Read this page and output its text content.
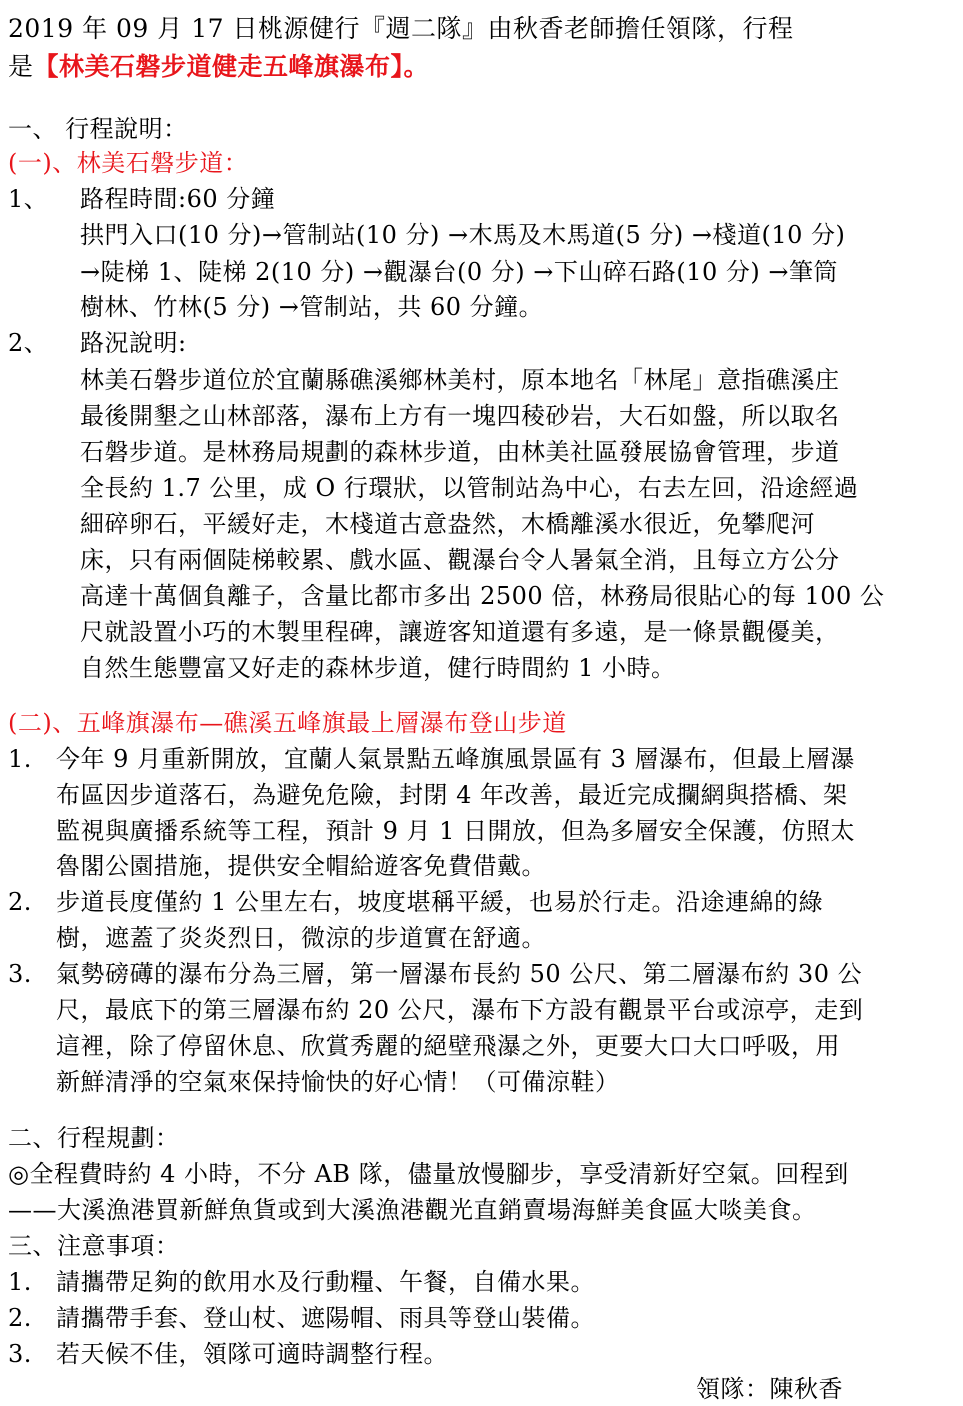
2019 年 09 月 17 日桃源健行『週二隊』由秋香老師擔任領隊，行程
是【林美石磐步道健走五峰旗瀑布】。
一、 行程說明：
(一)、林美石磐步道：
1、 路程時間:60 分鐘
拱門入口(10 分)→管制站(10 分) →木馬及木馬道(5 分) →棧道(10 分)
→陡梯 1、陡梯 2(10 分) →觀瀑台(0 分) →下山碎石路(10 分) →筆筒
樹林、竹林(5 分) →管制站，共 60 分鐘。
2、 路況說明:
林美石磐步道位於宜蘭縣礁溪鄉林美村，原本地名「林尾」意指礁溪庄
最後開墾之山林部落，瀑布上方有一塊四稜砂岩，大石如盤，所以取名
石磐步道。是林務局規劃的森林步道，由林美社區發展協會管理，步道
全長約 1.7 公里，成 O 行環狀，以管制站為中心，右去左回，沿途經過
細碎卵石，平緩好走，木棧道古意盎然，木橋離溪水很近，免攀爬河
床，只有兩個陡梯較累、戲水區、觀瀑台令人暑氣全消，且每立方公分
高達十萬個負離子，含量比都市多出 2500 倍，林務局很貼心的每 100 公
尺就設置小巧的木製里程碑，讓遊客知道還有多遠，是一條景觀優美，
自然生態豐富又好走的森林步道，健行時間約 1 小時。
(二)、五峰旗瀑布—礁溪五峰旗最上層瀑布登山步道
1. 今年 9 月重新開放，宜蘭人氣景點五峰旗風景區有 3 層瀑布，但最上層瀑
布區因步道落石，為避免危險，封閉 4 年改善，最近完成攔網與搭橋、架
監視與廣播系統等工程，預計 9 月 1 日開放，但為多層安全保護，仿照太
魯閣公園措施，提供安全帽給遊客免費借戴。
2. 步道長度僅約 1 公里左右，坡度堪稱平緩，也易於行走。沿途連綿的綠
樹，遮蓋了炎炎烈日，微涼的步道實在舒適。
3. 氣勢磅礡的瀑布分為三層，第一層瀑布長約 50 公尺、第二層瀑布約 30 公
尺，最底下的第三層瀑布約 20 公尺，瀑布下方設有觀景平台或涼亭，走到
這裡，除了停留休息、欣賞秀麗的絕壁飛瀑之外，更要大口大口呼吸，用
新鮮清淨的空氣來保持愉快的好心情！（可備涼鞋）
二、行程規劃：
◎全程費時約 4 小時，不分 AB 隊，儘量放慢腳步，享受清新好空氣。回程到
——大溪漁港買新鮮魚貨或到大溪漁港觀光直銷賣場海鮮美食區大啖美食。
三、注意事項：
1. 請攜帶足夠的飲用水及行動糧、午餐，自備水果。
2. 請攜帶手套、登山杖、遮陽帽、雨具等登山裝備。
3. 若天候不佳，領隊可適時調整行程。
領隊：陳秋香
